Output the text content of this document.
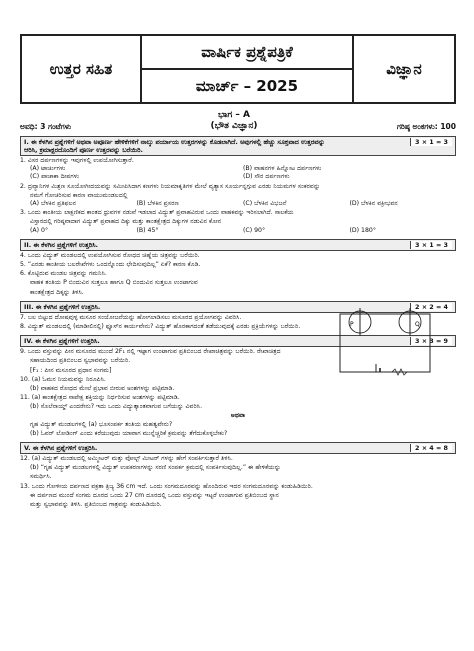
ಉತ್ತರ ಸಹಿತ
ವಾರ್ಷಿಕ ಪ್ರಶ್ನೆಪತ್ರಿಕೆ
ಮಾರ್ಚ್ – 2025
ವಿಜ್ಞಾನ
ಅವಧಿ: 3 ಗಂಟೆಗಳು
ಭಾಗ – A
(ಭೌತ ವಿಜ್ಞಾನ)	ಗರಿಷ್ಠ ಅಂಕಗಳು: 100
I. ಈ ಕೆಳಗಿನ ಪ್ರಶ್ನೆಗಳಿಗೆ ಅಥವಾ ಅಪೂರ್ಣ ಹೇಳಿಕೆಗಳಿಗೆ ನಾಲ್ಕು ಪರ್ಯಾಯ ಉತ್ತರಗಳನ್ನು ಕೊಡಲಾಗಿದೆ. ಅವುಗಳಲ್ಲಿ ಹೆಚ್ಚು ಸೂಕ್ತವಾದ ಉತ್ತರವನ್ನು
ಆರಿಸಿ, ಕ್ರಮಾಕ್ಷರದೊಂದಿಗೆ ಪೂರ್ಣ ಉತ್ತರವನ್ನು ಬರೆಯಿರಿ.
3 × 1 = 3
1. ವಿಸರ ದರ್ಪಣಗಳನ್ನು ಇವುಗಳಲ್ಲಿ ಉಪಯೋಗಿಸುತ್ತಾರೆ.
(A) ಟಾರ್ಚುಗಳು	(B) ವಾಹನಗಳ ಹಿನ್ನೋಟ ದರ್ಪಣಗಳು
(C) ಪಾಚಾಕಾ ದೀಪಗಳು	(D) ಸೌರ ದರ್ಪಣಗಳು
2. ದ್ರವ್ಯಾನಿಗಳ ಮಿಶ್ರಣ ಸೂಯೋಗೀದಯವನ್ನು ಸಮೀಪಿಸಿದಾಗ ಕಣಗಳು ನಿಯಮಾಕೃತಿಗಳ ಮೇಲೆ ವ್ಯತ್ಯಾಸ ಸೂರ್ಯನ್ನಗ್ಗುವ ಎರಡು ನಿಯಮಗಳ ಸಂಕರವನ್ನು
ನಮಗೆ ಗೋಚರಿಸುವ ಕಾರಣ ವಾಯುಮಂಡಲದಲ್ಲಿ
(A) ಬೆಳಕಿನ ಪ್ರತಿಫಲನ	(B) ಬೆಳಕಿನ ಪ್ರಸರಣ	(C) ಬೆಳಕಿನ ವಿಭಜನೆ	(D) ಬೆಳಕಿನ ವಕ್ರೀಭವನ
3. ಒಂದು ಕಾಂತೀಯ ಲಾಕ್ಷಣಿಕದ ಕಾಂತದ ಧ್ರುವಗಳ ನಡುವೆ ಇಡಲಾದ ವಿದ್ಯುತ್ ಪ್ರವಾಹವಿರುವ ಒಂದು ವಾಹಕವನ್ನು ಇರಿಸಲಾಗಿದೆ. ಸಾಲಕೆಯ
ವಿಸ್ತಾರದಲ್ಲಿ ಗರಿಷ್ಠವಾದಾಗ ವಿದ್ಯುತ್ ಪ್ರವಾಹದ ದಿಕ್ಕು ಮತ್ತು ಕಾಂತಕ್ಷೇತ್ರದ ದಿಕ್ಕುಗಳ ನಡುವಿನ ಕೋನ
(A) 0°	(B) 45°	(C) 90°	(D) 180°
II. ಈ ಕೆಳಗಿನ ಪ್ರಶ್ನೆಗಳಿಗೆ ಉತ್ತರಿಸಿ.	3 × 1 = 3
4. ಒಂದು ವಿದ್ಯುತ್ ಮಂಡಲದಲ್ಲಿ ಉಪಯೋಗಿಸುವ ರೋಧದ ಚಿಹ್ನೆಯ ಚಿತ್ರವನ್ನು ಬರೆಯಿರಿ.
5. “ಎರಡು ಕಾಂತೀಯ ಬಲರೇಖೆಗಳು ಒಂದನ್ನೊಂದು ಛೇದಿಸುವುದಿಲ್ಲ” ಏಕೆ? ಕಾರಣ ಕೊಡಿ.
6. ಕೊಟ್ಟಿರುವ ಮಂಡಲ ಚಿತ್ರವನ್ನು ಗಮನಿಸಿ.
ವಾಹಕ ತಂತಿಯ P ಬಿಂದುವಿನ ಸುತ್ತಲೂ ಹಾಗೂ Q ಬಿಂದುವಿನ ಸುತ್ತಲೂ ಉಂಟಾಗುವ
ಕಾಂತಕ್ಷೇತ್ರದ ದಿಕ್ಕನ್ನು ತಿಳಿಸಿ.
III. ಈ ಕೆಳಗಿನ ಪ್ರಶ್ನೆಗಳಿಗೆ ಉತ್ತರಿಸಿ.	2 × 2 = 4
7. ಬಲ ಬಿಟ್ಟುದ ದೋಷವುಳ್ಳ ಮಸೂರ ಸಂಯೋಜನೆಯನ್ನು ಹೋಗಲಾಡಿಸಲು ಮಸೂರದ ಪ್ರಯೋಗವನ್ನು ವಿವರಿಸಿ.
8. ವಿದ್ಯುತ್ ಮಂಡಲದಲ್ಲಿ (ಮಾಡೀಲಿನಲ್ಲಿ) ಫ್ಯೂಸ್‌ನ ಕಾರ್ಯವೇನು? ವಿದ್ಯುತ್ ಹೊರಕಾಗದಂತೆ ತಡೆಯುವುದಕ್ಕೆ ಎರಡು ಪ್ರಕ್ರಿಯೆಗಳನ್ನು ಬರೆಯಿರಿ.
IV. ಈ ಕೆಳಗಿನ ಪ್ರಶ್ನೆಗಳಿಗೆ ಉತ್ತರಿಸಿ.	3 × 3 = 9
9. ಒಂದು ವಸ್ತುವನ್ನು ಪೀನ ಮಸೂರದ ಮುಂದೆ 2F₁ ನಲ್ಲಿ ಇಟ್ಟಾಗ ಉಂಟಾಗುವ ಪ್ರತಿಬಿಂಬದ ರೇಖಾಚಿತ್ರವನ್ನು ಬರೆಯಿರಿ. ರೇಖಾಚಿತ್ರದ
ಸಹಾಯದಿಂದ ಪ್ರತಿಬಿಂಬದ ಸ್ವಭಾವವನ್ನು ಬರೆಯಿರಿ.
[F₁ : ಪೀನ ಮಸೂರದ ಪ್ರಧಾನ ಸಂಗಮ]
10. (a) ಓಮನ ನಿಯಮವನ್ನು ನಿರೂಪಿಸಿ.
(b) ವಾಹಕದ ರೋಧದ ಮೇಲೆ ಪ್ರಭಾವ ಬೀರುವ ಅಂಶಗಳನ್ನು ಪಟ್ಟಿಮಾಡಿ.
11. (a) ಕಾಂತಕ್ಷೇತ್ರದ ಸಾಪೇಕ್ಷ ಶಕ್ತಿಯನ್ನು ನಿರ್ಧರಿಸುವ ಅಂಶಗಳನ್ನು ಪಟ್ಟಿಮಾಡಿ.
(b) ಸೊಲೆನಾಯ್ಡ್ ಎಂದರೇನು? ಇದು ಒಂದು ವಿದ್ಯುತ್ಕಾಂತವಾಗುವ ಬಗೆಯನ್ನು ವಿವರಿಸಿ.
ಅಥವಾ
ಗೃಹ ವಿದ್ಯುತ್ ಮಂಡಲಗಳಲ್ಲಿ (a) ಭೂಸಂಪರ್ಕ ತಂತಿಯ ಮಹತ್ವವೇನು?
(b) ಓವರ್ ಲೋಡಿಂಗ್ ಎಂದು ಕರೆಯುವುದು ಯಾವಾಗ ಮುನ್ನೆಚ್ಚರಿಕೆ ಕ್ರಮವನ್ನು ತೆಗೆದುಕೊಳ್ಳಬೇಕು?
V. ಈ ಕೆಳಗಿನ ಪ್ರಶ್ನೆಗಳಿಗೆ ಉತ್ತರಿಸಿ.	2 × 4 = 8
12. (a) ವಿದ್ಯುತ್ ಮಂಡಲದಲ್ಲಿ ಅಮ್ಮೀಟರ್ ಮತ್ತು ವೋಲ್ಟ್ ಮೀಟರ್ ಗಳನ್ನು ಹೇಗೆ ಸಂಪರ್ಕಿಸುತ್ತಾರೆ ತಿಳಿಸಿ.
(b) “ಗೃಹ ವಿದ್ಯುತ್ ಮಂಡಲಗಳಲ್ಲಿ ವಿದ್ಯುತ್ ಉಪಕರಣಗಳನ್ನು ಸರಣಿ ಸಂಪರ್ಕ ಕ್ರಮದಲ್ಲಿ ಸಂಪರ್ಕಿಸುವುದಿಲ್ಲ.” ಈ ಹೇಳಿಕೆಯನ್ನು
ಸಮರ್ಥಿಸಿ.
13. ಒಂದು ಗೋಳೀಯ ದರ್ಪಣದ ವಕ್ರತಾ ತ್ರಿಜ್ಯ 36 cm ಇದೆ. ಒಂದು ಸಂಗಮದೂರವನ್ನು ಹೊಂದಿರುವ ಇದರ ಸಂಗಮದೂರವನ್ನು ಕಂಡುಹಿಡಿಯಿರಿ.
ಈ ದರ್ಪಣದ ಮುಂದೆ ಸಂಗಮ ದೂರದ ಒಂದು 27 cm ದೂರದಲ್ಲಿ ಒಂದು ವಸ್ತುವನ್ನು ಇಟ್ಟರೆ ಉಂಟಾಗುವ ಪ್ರತಿಬಿಂಬದ ಸ್ಥಾನ
ಮತ್ತು ಸ್ವಭಾವವನ್ನು ತಿಳಿಸಿ. ಪ್ರತಿಬಿಂಬದ ಗಾತ್ರವನ್ನು ಕಂಡುಹಿಡಿಯಿರಿ.
P	Q
